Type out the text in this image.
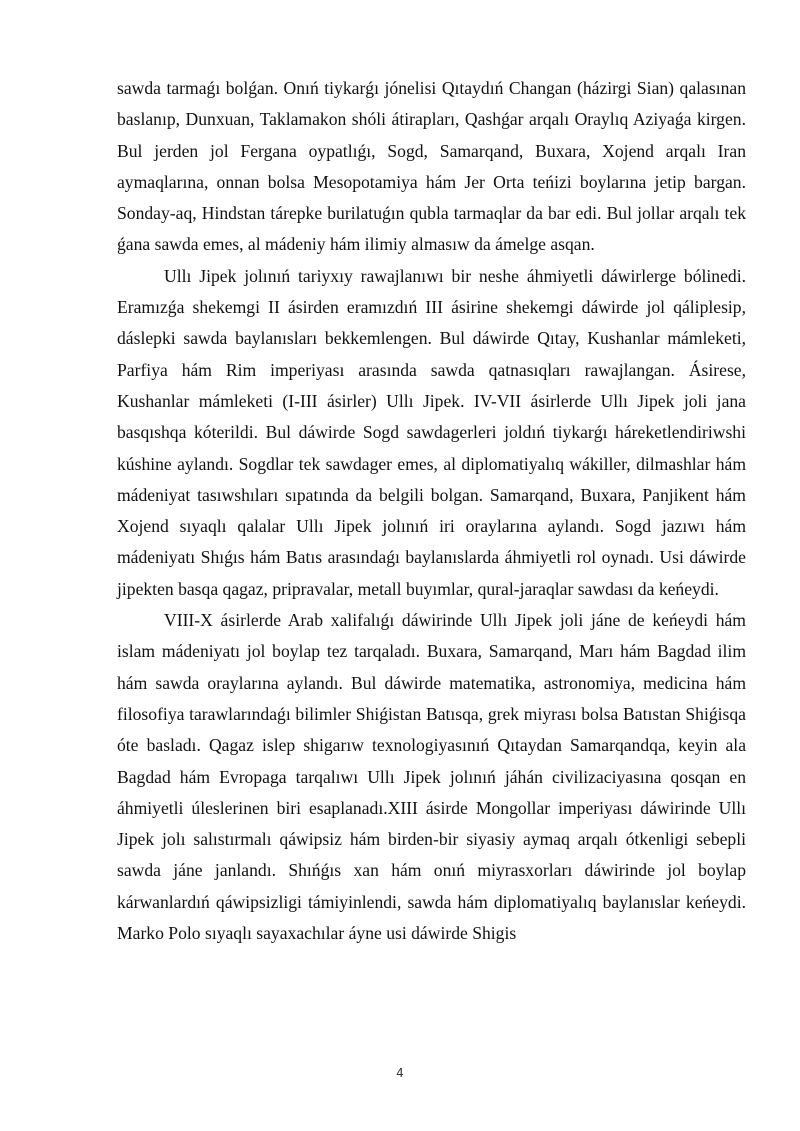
sawda tarmaǵı bolǵan. Onıń tiykarǵı jónelisi Qıtaydıń Changan (házirgi Sian) qalasınan baslanıp, Dunxuan, Taklamakon shóli átirapları, Qashǵar arqalı Oraylıq Aziyaǵa kirgen. Bul jerden jol Fergana oypatlıǵı, Sogd, Samarqand, Buxara, Xojend arqalı Iran aymaqlarına, onnan bolsa Mesopotamiya hám Jer Orta teńizi boylarına jetip bargan. Sonday-aq, Hindstan tárepke burilatuǵın qubla tarmaqlar da bar edi. Bul jollar arqalı tek ǵana sawda emes, al mádeniy hám ilimiy almasıw da ámelge asqan.

Ullı Jipek jolınıń tariyxıy rawajlanıwı bir neshe áhmiyetli dáwirlerge bólinedi. Eramızǵa shekemgi II ásirden eramızdıń III ásirine shekemgi dáwirde jol qáliplesip, dáslepki sawda baylanısları bekkemlengen. Bul dáwirde Qıtay, Kushanlar mámleketi, Parfiya hám Rim imperiyası arasında sawda qatnasıqları rawajlangan. Ásirese, Kushanlar mámleketi (I-III ásirler) Ullı Jipek. IV-VII ásirlerde Ullı Jipek joli jana basqıshqa kóterildi. Bul dáwirde Sogd sawdagerleri joldıń tiykarǵı háreketlendiriwshi kúshine aylandı. Sogdlar tek sawdager emes, al diplomatiyalıq wákiller, dilmashlar hám mádeniyat tasıwshıları sıpatında da belgili bolgan. Samarqand, Buxara, Panjikent hám Xojend sıyaqlı qalalar Ullı Jipek jolınıń iri oraylarına aylandı. Sogd jazıwı hám mádeniyatı Shıǵıs hám Batıs arasındaǵı baylanıslarda áhmiyetli rol oynadı. Usi dáwirde jipekten basqa qagaz, pripravalar, metall buyımlar, qural-jaraqlar sawdası da keńeydi.

VIII-X ásirlerde Arab xalifalıǵı dáwirinde Ullı Jipek joli jáne de keńeydi hám islam mádeniyatı jol boylap tez tarqaladı. Buxara, Samarqand, Marı hám Bagdad ilim hám sawda oraylarına aylandı. Bul dáwirde matematika, astronomiya, medicina hám filosofiya tarawlarındaǵı bilimler Shiǵistan Batısqa, grek miyrası bolsa Batıstan Shiǵisqa óte basladı. Qagaz islep shigarıw texnologiyasınıń Qıtaydan Samarqandqa, keyin ala Bagdad hám Evropaga tarqalıwı Ullı Jipek jolınıń jáhán civilizaciyasına qosqan en áhmiyetli úleslerinen biri esaplanadı.XIII ásirde Mongollar imperiyası dáwirinde Ullı Jipek jolı salıstırmalı qáwipsiz hám birden-bir siyasiy aymaq arqalı ótkenligi sebepli sawda jáne janlandı. Shıńǵıs xan hám onıń miyrasxorları dáwirinde jol boylap kárwanlardıń qáwipsizligi támiyinlendi, sawda hám diplomatiyalıq baylanıslar keńeydi. Marko Polo sıyaqlı sayaxachılar áyne usi dáwirde Shigis

4
